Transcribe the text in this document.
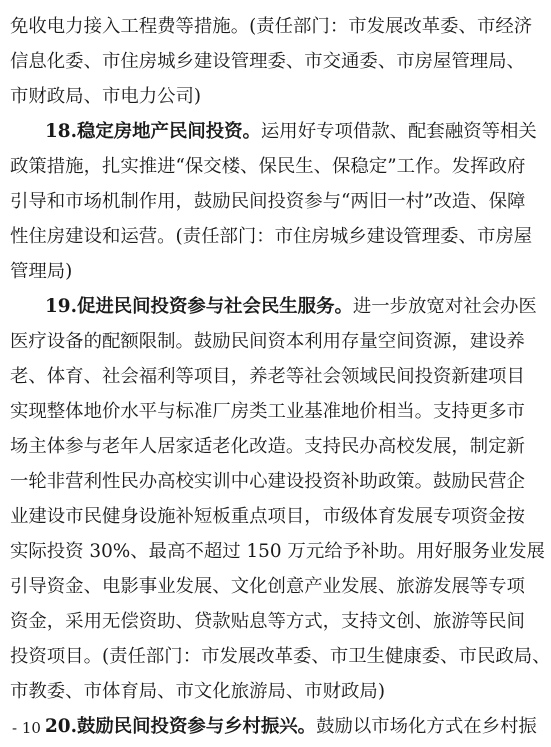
免收电力接入工程费等措施。(责任部门：市发展改革委、市经济
信息化委、市住房城乡建设管理委、市交通委、市房屋管理局、
市财政局、市电力公司)
18.稳定房地产民间投资。运用好专项借款、配套融资等相关
政策措施，扎实推进“保交楼、保民生、保稳定”工作。发挥政府
引导和市场机制作用，鼓励民间投资参与“两旧一村”改造、保障
性住房建设和运营。(责任部门：市住房城乡建设管理委、市房屋
管理局)
19.促进民间投资参与社会民生服务。进一步放宽对社会办医
医疗设备的配额限制。鼓励民间资本利用存量空间资源，建设养
老、体育、社会福利等项目，养老等社会领域民间投资新建项目
实现整体地价水平与标准厂房类工业基准地价相当。支持更多市
场主体参与老年人居家适老化改造。支持民办高校发展，制定新
一轮非营利性民办高校实训中心建设投资补助政策。鼓励民营企
业建设市民健身设施补短板重点项目，市级体育发展专项资金按
实际投资 30%、最高不超过 150 万元给予补助。用好服务业发展
引导资金、电影事业发展、文化创意产业发展、旅游发展等专项
资金，采用无偿资助、贷款贴息等方式，支持文创、旅游等民间
投资项目。(责任部门：市发展改革委、市卫生健康委、市民政局、
市教委、市体育局、市文化旅游局、市财政局)
20.鼓励民间投资参与乡村振兴。鼓励以市场化方式在乡村振
- 10 -
